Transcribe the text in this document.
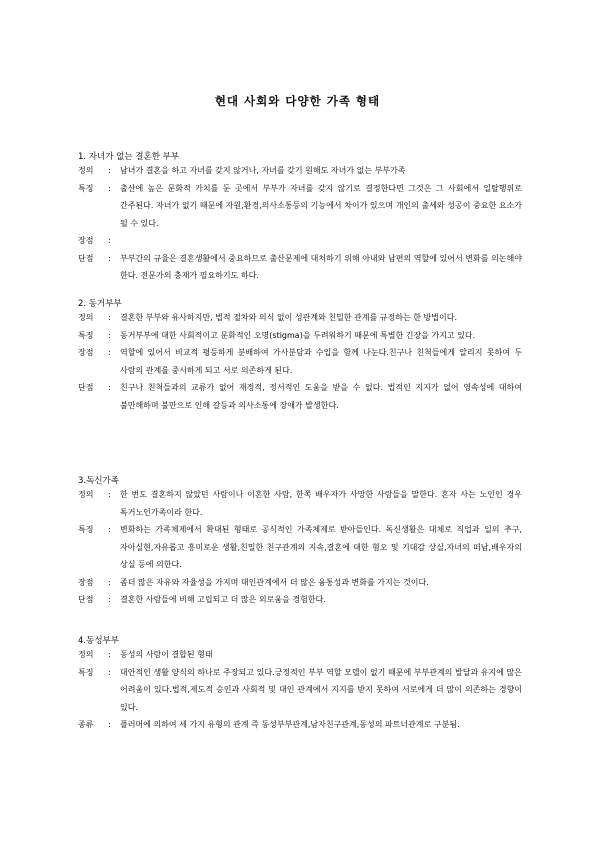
현대 사회와 다양한 가족 형태
1. 자녀가 없는 결혼한 부부
정의	:	남녀가 결혼을 하고 자녀를 갖지 않거나, 자녀를 갖기 원해도 자녀가 없는 부부가족
특징	:	출산에 높은 문화적 가치를 둔 곳에서 부부가 자녀를 갖지 않기로 결정한다면 그것은 그 사회에서 일탈행위로 간주된다. 자녀가 없기 때문에 자원,환경,의사소통등의 기능에서 차이가 있으며 개인의 출세와 성공이 중요한 요소가 될 수 있다.
장점	:
단점	:	부부간의 규율은 결혼생활에서 중요하므로 출산문제에 대처하기 위해 아내와 남편의 역할에 있어서 변화를 의논해야 한다. 전문가의 충재가 필요하기도 하다.
2. 동거부부
정의	:	결혼한 부부와 유사하지만, 법적 절차와 의식 없이 성관계와 친밀한 관계를 규정하는 한 방법이다.
특징	:	동거부부에 대한 사회적이고 문화적인 오명(stigma)을 두려워하기 때문에 특별한 긴장을 가지고 있다.
장점	:	역할에 있어서 비교적 평등하게 분배하여 가사분담과 수입을 함께 나눈다.친구나 친척들에게 알리지 못하여 두 사람의 관계를 중시하게 되고 서로 의존하게 된다.
단점	:	친구나 친척들과의 교류가 없어 재정적, 정서적인 도움을 받을 수 없다. 법적인 지지가 없어 영속성에 대하여 불만해하며 불만으로 인해 갈등과 의사소통에 장애가 발생한다.
3.독신가족
정의	:	한 번도 결혼하지 않았던 사람이나 이혼한 사람, 한쪽 배우자가 사망한 사람들을 말한다. 혼자 사는 노인인 경우 독거노인가족이라 한다.
특징	:	변화하는 가족체제에서 확대된 형태로 공식적인 가족체제로 받아들인다. 독신생활은 대체로 직업과 일의 추구,자아실현,자유롭고 흥미로운 생활,친밀한 친구관계의 지속,결혼에 대한 혐오 및 기대감 상실,자녀의 떠남,배우자의 상실 등에 의한다.
장점	:	좀더 많은 자유와 자율성을 가지며 대인관계에서 더 많은 융통성과 변화를 가지는 것이다.
단점	:	결혼한 사람들에 비해 고립되고 더 많은 외로움을 경험한다.
4.동성부부
정의	:	동성의 사람이 결합된 형태
특징	:	대안적인 생활 양식의 하나로 주장되고 있다.긍정적인 부부 역할 모델이 없기 때문에 부부관계의 발달과 유지에 많은 어려움이 있다.법적,제도적 승인과 사회적 및 대인 관계에서 지지를 받지 못하여 서로에게 더 많이 의존하는 경향이 있다.
종류	:	플러머에 의하여 세 가지 유형의 관계 즉 동성부부관계,남자친구관계,동성의 파트너관계로 구분됨.
